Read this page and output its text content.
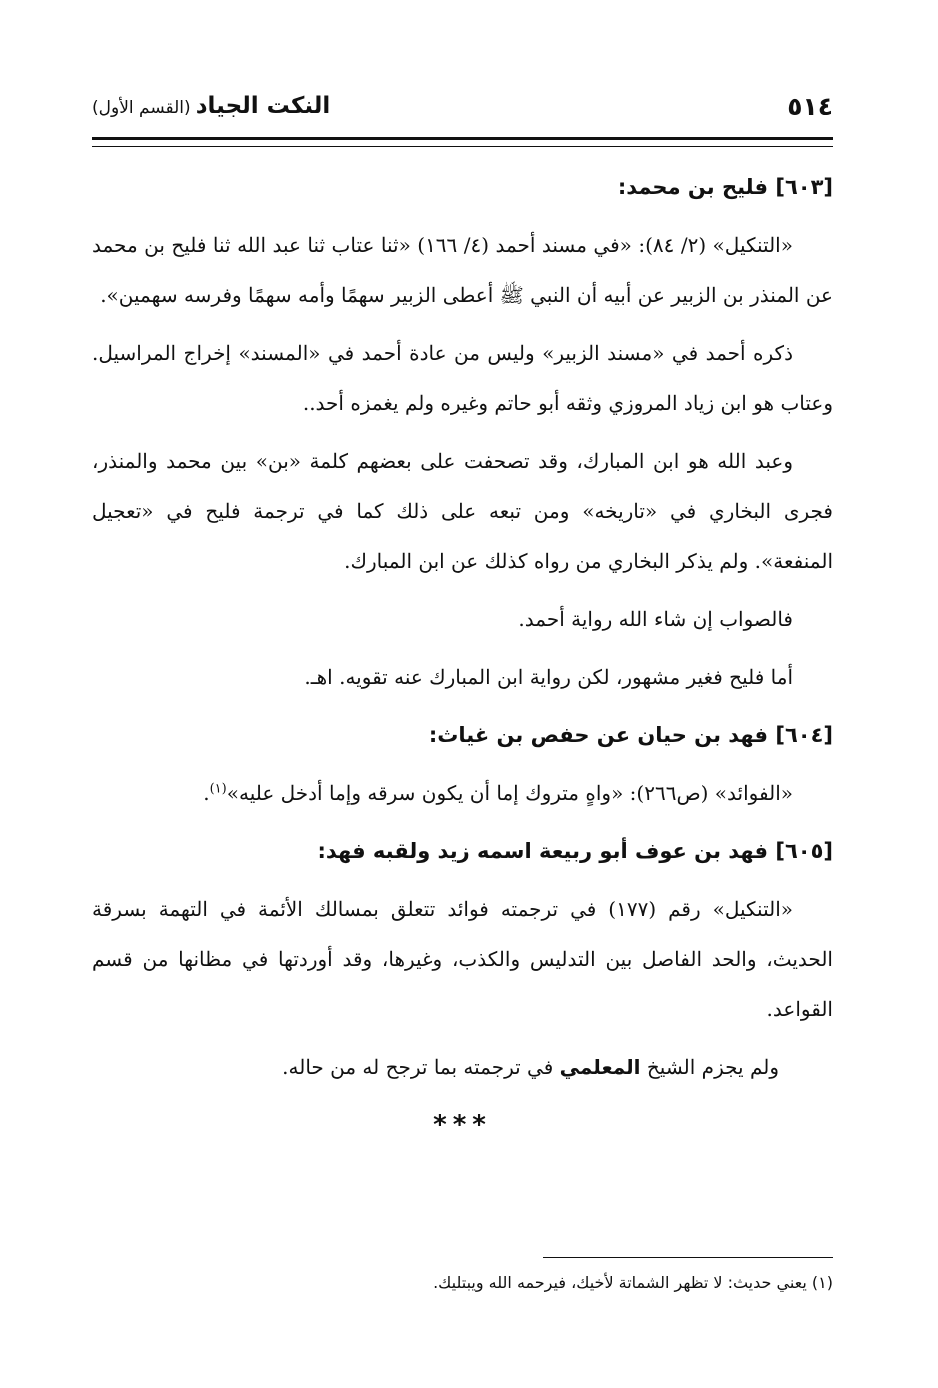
٥١٤
النكت الجياد (القسم الأول)

[٦٠٣] فليح بن محمد:

«التنكيل» (٢/ ٨٤): «في مسند أحمد (٤/ ١٦٦) «ثنا عتاب ثنا عبد الله ثنا فليح بن محمد عن المنذر بن الزبير عن أبيه أن النبي ﷺ أعطى الزبير سهمًا وأمه سهمًا وفرسه سهمين».

ذكره أحمد في «مسند الزبير» وليس من عادة أحمد في «المسند» إخراج المراسيل. وعتاب هو ابن زياد المروزي وثقه أبو حاتم وغيره ولم يغمزه أحد..

وعبد الله هو ابن المبارك، وقد تصحفت على بعضهم كلمة «بن» بين محمد والمنذر، فجرى البخاري في «تاريخه» ومن تبعه على ذلك كما في ترجمة فليح في «تعجيل المنفعة». ولم يذكر البخاري من رواه كذلك عن ابن المبارك.

فالصواب إن شاء الله رواية أحمد.

أما فليح فغير مشهور، لكن رواية ابن المبارك عنه تقويه. اهـ.

[٦٠٤] فهد بن حيان عن حفص بن غياث:

«الفوائد» (ص٢٦٦): «واهٍ متروك إما أن يكون سرقه وإما أدخل عليه»$^{(١)}$.

[٦٠٥] فهد بن عوف أبو ربيعة اسمه زيد ولقبه فهد:

«التنكيل» رقم (١٧٧) في ترجمته فوائد تتعلق بمسالك الأئمة في التهمة بسرقة الحديث، والحد الفاصل بين التدليس والكذب، وغيرها، وقد أوردتها في مظانها من قسم القواعد.

ولم يجزم الشيخ المعلمي في ترجمته بما ترجح له من حاله.

***
(١) يعني حديث: لا تظهر الشماتة لأخيك، فيرحمه الله ويبتليك.
